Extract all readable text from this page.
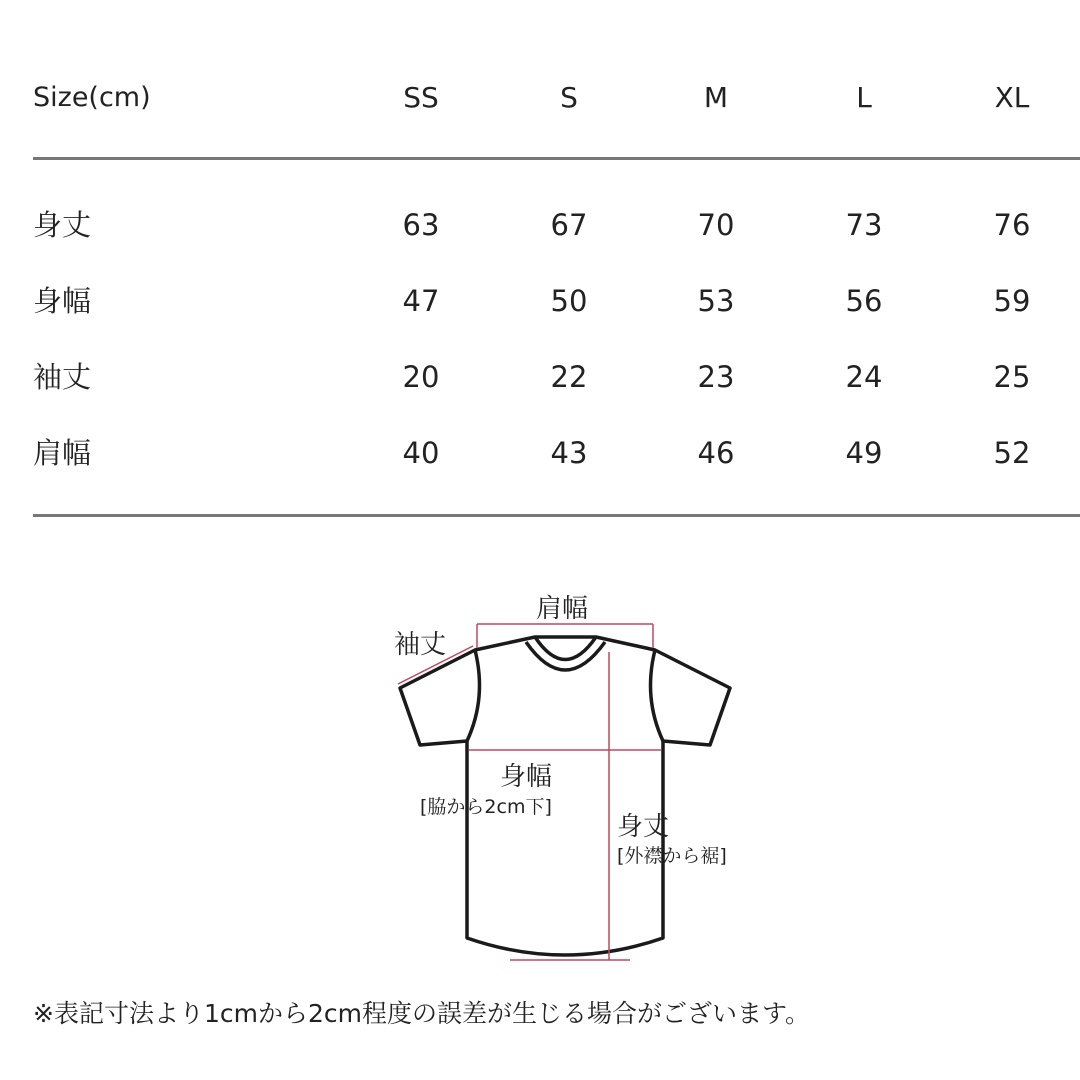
Size(cm)	SS	S	M	L	XL
身丈	63	67	70	73	76
身幅	47	50	53	56	59
袖丈	20	22	23	24	25
肩幅	40	43	46	49	52
肩幅
袖丈
身幅
[脇から2cm下]
身丈
[外襟から裾]
※表記寸法より1cmから2cm程度の誤差が生じる場合がございます。
